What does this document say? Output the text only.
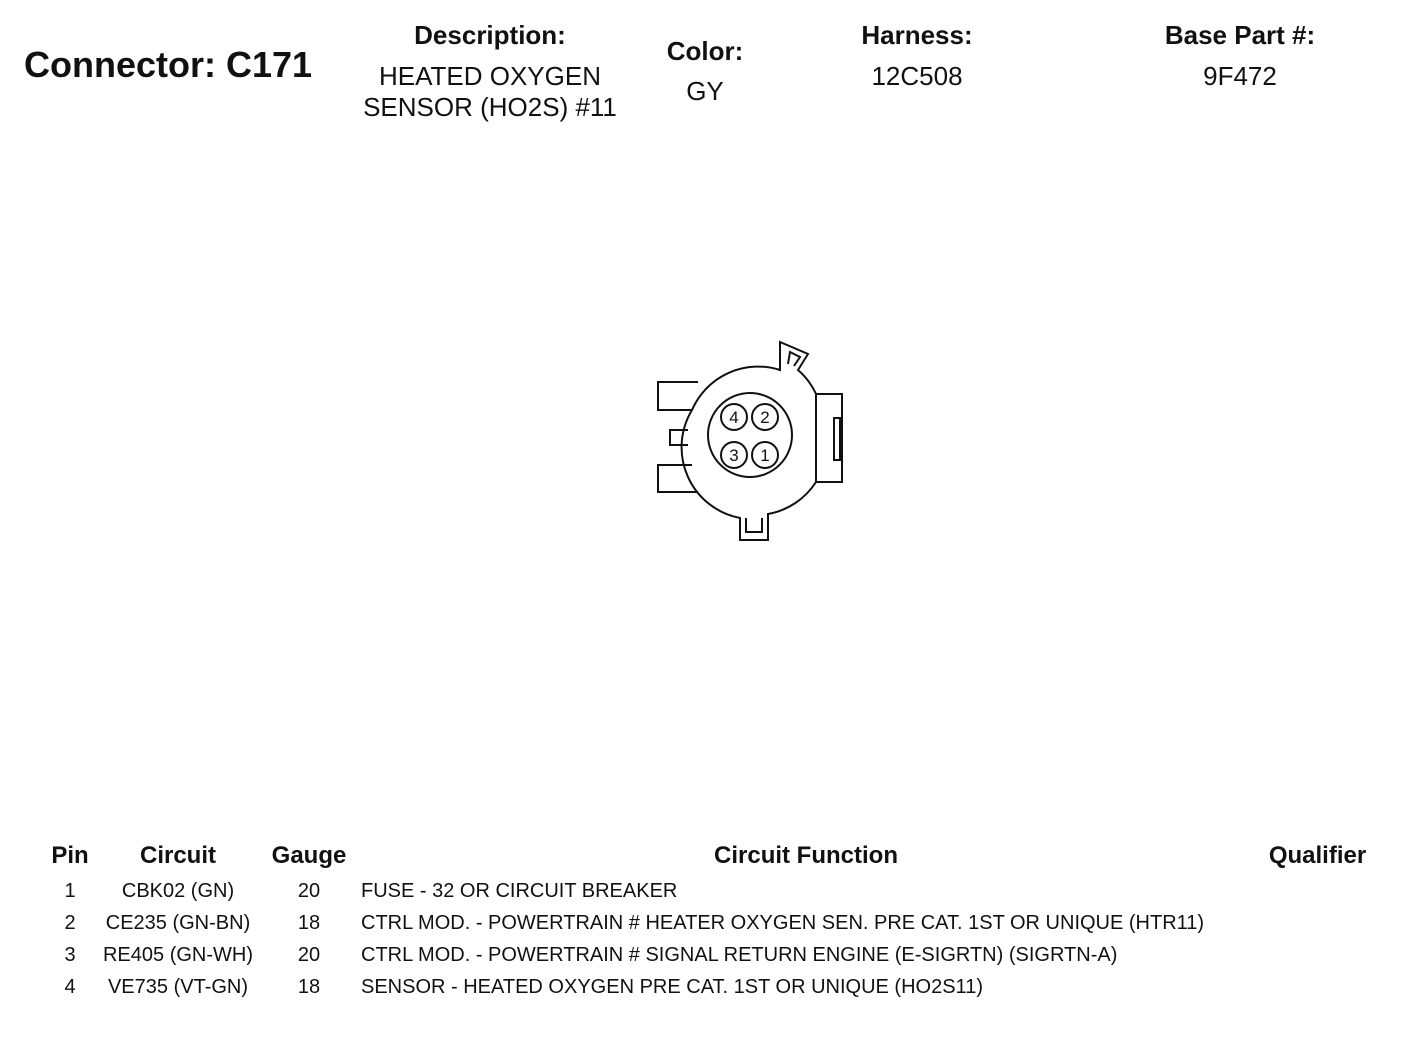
Connector: C171
Description:
HEATED OXYGEN
SENSOR (HO2S) #11
Color:
GY
Harness:
12C508
Base Part #:
9F472
4 2
3 1
Pin	Circuit	Gauge	Circuit Function	Qualifier
1	CBK02 (GN)	20	FUSE - 32 OR CIRCUIT BREAKER
2	CE235 (GN-BN)	18	CTRL MOD. - POWERTRAIN # HEATER OXYGEN SEN. PRE CAT. 1ST OR UNIQUE (HTR11)
3	RE405 (GN-WH)	20	CTRL MOD. - POWERTRAIN # SIGNAL RETURN ENGINE (E-SIGRTN) (SIGRTN-A)
4	VE735 (VT-GN)	18	SENSOR - HEATED OXYGEN PRE CAT. 1ST OR UNIQUE (HO2S11)
